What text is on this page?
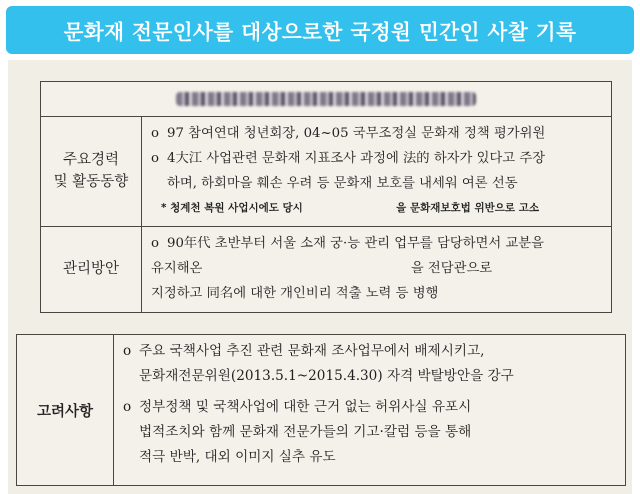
문화재 전문인사를 대상으로한 국정원 민간인 사찰 기록
주요경력
및 활동동향
o 97 참여연대 청년회장, 04~05 국무조정실 문화재 정책 평가위원
o 4大江 사업관련 문화재 지표조사 과정에 法的 하자가 있다고 주장
하며, 하회마을 훼손 우려 등 문화재 보호를 내세워 여론 선동
* 청계천 복원 사업시에도 당시	을 문화재보호법 위반으로 고소
관리방안
o 90年代 초반부터 서울 소재 궁·능 관리 업무를 담당하면서 교분을
유지해온	을 전담관으로
지정하고 同名에 대한 개인비리 적출 노력 등 병행
고려사항
o 주요 국책사업 추진 관련 문화재 조사업무에서 배제시키고,
문화재전문위원(2013.5.1~2015.4.30) 자격 박탈방안을 강구
o 정부정책 및 국책사업에 대한 근거 없는 허위사실 유포시
법적조치와 함께 문화재 전문가들의 기고·칼럼 등을 통해
적극 반박, 대외 이미지 실추 유도
